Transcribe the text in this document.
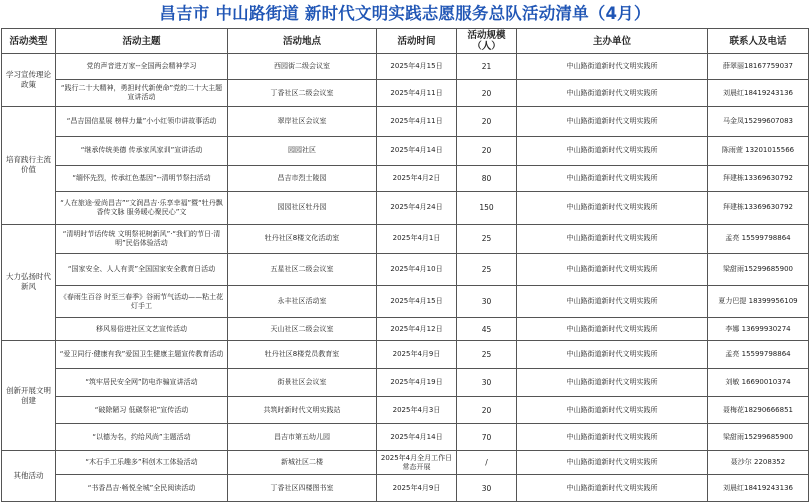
昌吉市 中山路街道 新时代文明实践志愿服务总队活动清单（4月）
活动类型	活动主题	活动地点	活动时间	活动规模（人）	主办单位	联系人及电话
学习宣传理论政策	党的声音进万家--全国两会精神学习	西园街二级会议室	2025年4月15日	21	中山路街道新时代文明实践所	薛翠丽18167759037
	“践行二十大精神，勇担时代新使命”党的二十大主题宣讲活动	丁香社区二级会议室	2025年4月11日	20	中山路街道新时代文明实践所	刘晨红18419243136
培育践行主流价值	“昌吉国信星展 榜样力量”小小红领巾讲故事活动	翠岸社区会议室	2025年4月11日	20	中山路街道新时代文明实践所	马金凤15299607083
	“继承传统美德 传承家风家训”宣讲活动	园园社区	2025年4月14日	20	中山路街道新时代文明实践所	陈雨萱 13201015566
	“缅怀先烈，传承红色基因”--清明节祭扫活动	昌吉市烈士陵园	2025年4月2日	80	中山路街道新时代文明实践所	拜建栋13369630792
	“人在旅途·爱尚昌吉”“文润昌吉·乐享幸福”暨“牡丹飘香传文脉 服务暖心聚民心”文	园园社区牡丹园	2025年4月24日	150	中山路街道新时代文明实践所	拜建栋13369630792
大力弘扬时代新风	“清明时节话传统 文明祭祀树新风”·“我们的节日·清明”民俗体验活动	牡丹社区8楼文化活动室	2025年4月1日	25	中山路街道新时代文明实践所	孟亮 15599798864
	“国家安全、人人有责”全国国家安全教育日活动	五星社区二级会议室	2025年4月10日	25	中山路街道新时代文明实践所	梁甜雨15299685900
	《春雨生百谷 时至三春季》谷雨节气活动——粘土花灯手工	永丰社区活动室	2025年4月15日	30	中山路街道新时代文明实践所	夏力巴提 18399956109
	移风易俗进社区文艺宣传活动	天山社区二级会议室	2025年4月12日	45	中山路街道新时代文明实践所	李娜 13699930274
创新开展文明创建	“爱卫同行·健康有我”爱国卫生健康主题宣传教育活动	牡丹社区8楼党员教育室	2025年4月9日	25	中山路街道新时代文明实践所	孟亮 15599798864
	“筑牢居民安全网”防电诈骗宣讲活动	街景社区会议室	2025年4月19日	30	中山路街道新时代文明实践所	刘敏 16690010374
	“破除陋习 低碳祭祀”宣传活动	共筑时新时代文明实践站	2025年4月3日	20	中山路街道新时代文明实践所	聂梅花18290666851
	“以德为名，约给风尚”主题活动	昌吉市第五幼儿园	2025年4月14日	70	中山路街道新时代文明实践所	梁甜雨15299685900
其他活动	“木石手工乐趣多”科创木工体验活动	新城社区二楼	2025年4月全月工作日常态开展	/	中山路街道新时代文明实践所	聂沙尔 2208352
	“书香昌吉·畅悦全城”全民阅读活动	丁香社区四楼图书室	2025年4月9日	30	中山路街道新时代文明实践所	刘晨红18419243136
